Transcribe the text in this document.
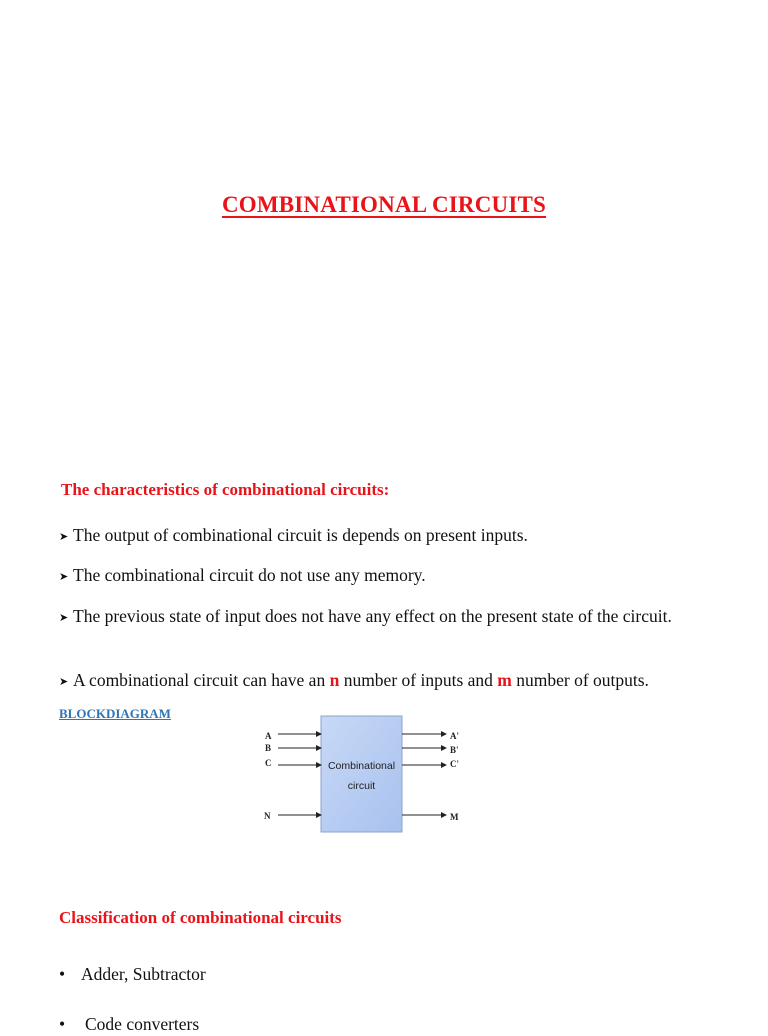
COMBINATIONAL CIRCUITS
The characteristics of combinational circuits:
➤ The output of combinational circuit is depends on present inputs.
➤ The combinational circuit do not use any memory.
➤ The previous state of input does not have any effect on the present state of the circuit.
➤ A combinational circuit can have an n number of inputs and m number of outputs.
BLOCKDIAGRAM
Combinational
circuit
A
B
C
N
A'
B'
C'
M
Classification of combinational circuits
• Adder, Subtractor
• Code converters
